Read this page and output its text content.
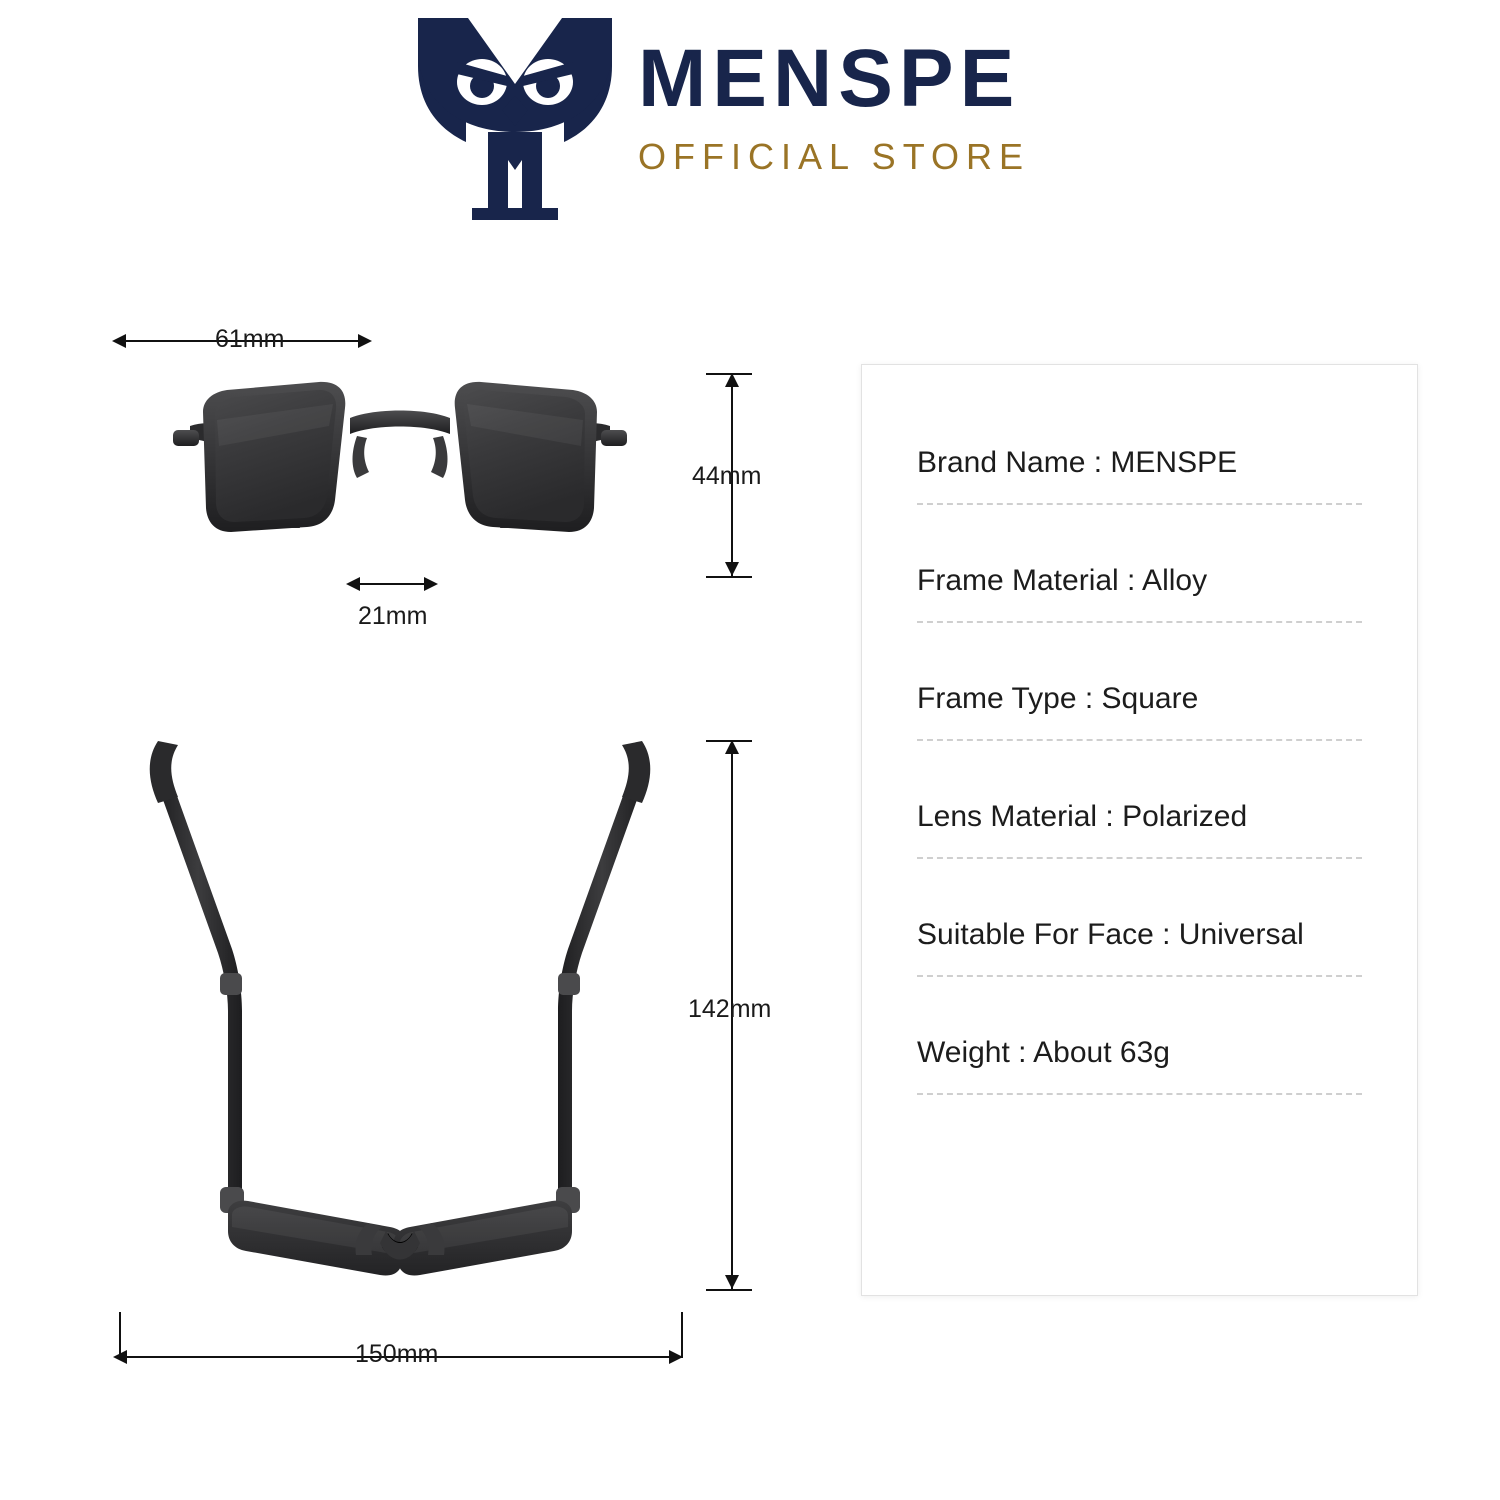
MENSPE
OFFICIAL STORE
61mm
44mm
21mm
142mm
150mm
Brand Name : MENSPE
Frame Material : Alloy
Frame Type : Square
Lens Material : Polarized
Suitable For Face : Universal
Weight : About 63g
